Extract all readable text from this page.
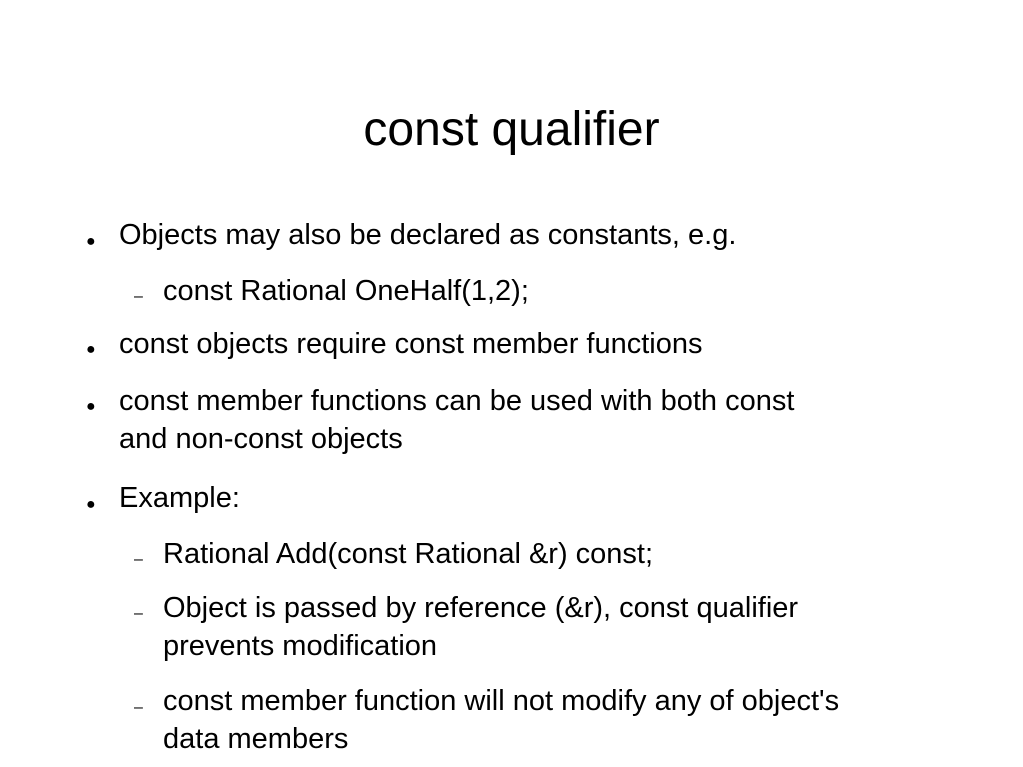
const qualifier
● Objects may also be declared as constants, e.g.
– const Rational OneHalf(1,2);
● const objects require const member functions
● const member functions can be used with both const
and non-const objects
● Example:
– Rational Add(const Rational &r) const;
– Object is passed by reference (&r), const qualifier
prevents modification
– const member function will not modify any of object's
data members
